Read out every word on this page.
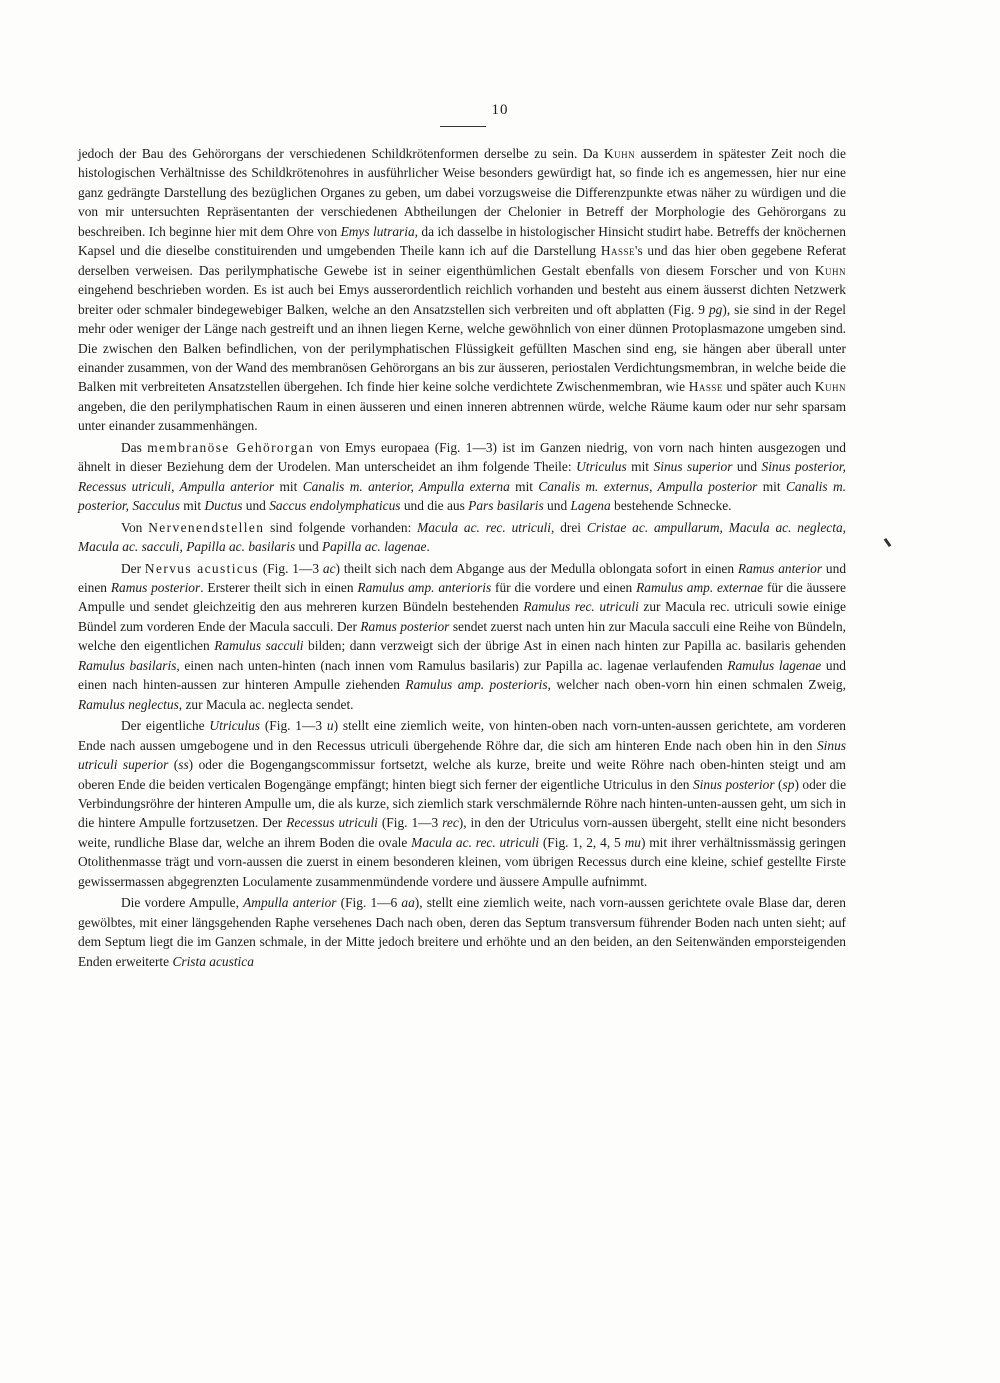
10

jedoch der Bau des Gehörorgans der verschiedenen Schildkrötenformen derselbe zu sein. Da Kuhn ausserdem in spätester Zeit noch die histologischen Verhältnisse des Schildkrötenohres in ausführlicher Weise besonders gewürdigt hat, so finde ich es angemessen, hier nur eine ganz gedrängte Darstellung des bezüglichen Organes zu geben, um dabei vorzugsweise die Differenzpunkte etwas näher zu würdigen und die von mir untersuchten Repräsentanten der verschiedenen Abtheilungen der Chelonier in Betreff der Morphologie des Gehörorgans zu beschreiben. Ich beginne hier mit dem Ohre von Emys lutraria, da ich dasselbe in histologischer Hinsicht studirt habe. Betreffs der knöchernen Kapsel und die dieselbe constituirenden und umgebenden Theile kann ich auf die Darstellung Hasse's und das hier oben gegebene Referat derselben verweisen. Das perilymphatische Gewebe ist in seiner eigenthümlichen Gestalt ebenfalls von diesem Forscher und von Kuhn eingehend beschrieben worden. Es ist auch bei Emys ausserordentlich reichlich vorhanden und besteht aus einem äusserst dichten Netzwerk breiter oder schmaler bindegewebiger Balken, welche an den Ansatzstellen sich verbreiten und oft abplatten (Fig. 9 pg), sie sind in der Regel mehr oder weniger der Länge nach gestreift und an ihnen liegen Kerne, welche gewöhnlich von einer dünnen Protoplasmazone umgeben sind. Die zwischen den Balken befindlichen, von der perilymphatischen Flüssigkeit gefüllten Maschen sind eng, sie hängen aber überall unter einander zusammen, von der Wand des membranösen Gehörorgans an bis zur äusseren, periostalen Verdichtungsmembran, in welche beide die Balken mit verbreiteten Ansatzstellen übergehen. Ich finde hier keine solche verdichtete Zwischenmembran, wie Hasse und später auch Kuhn angeben, die den perilymphatischen Raum in einen äusseren und einen inneren abtrennen würde, welche Räume kaum oder nur sehr sparsam unter einander zusammenhängen.

Das membranöse Gehörorgan von Emys europaea (Fig. 1—3) ist im Ganzen niedrig, von vorn nach hinten ausgezogen und ähnelt in dieser Beziehung dem der Urodelen. Man unterscheidet an ihm folgende Theile: Utriculus mit Sinus superior und Sinus posterior, Recessus utriculi, Ampulla anterior mit Canalis m. anterior, Ampulla externa mit Canalis m. externus, Ampulla posterior mit Canalis m. posterior, Sacculus mit Ductus und Saccus endolymphaticus und die aus Pars basilaris und Lagena bestehende Schnecke.

Von Nervenendstellen sind folgende vorhanden: Macula ac. rec. utriculi, drei Cristae ac. ampullarum, Macula ac. neglecta, Macula ac. sacculi, Papilla ac. basilaris und Papilla ac. lagenae.

Der Nervus acusticus (Fig. 1—3 ac) theilt sich nach dem Abgange aus der Medulla oblongata sofort in einen Ramus anterior und einen Ramus posterior. Ersterer theilt sich in einen Ramulus amp. anterioris für die vordere und einen Ramulus amp. externae für die äussere Ampulle und sendet gleichzeitig den aus mehreren kurzen Bündeln bestehenden Ramulus rec. utriculi zur Macula rec. utriculi sowie einige Bündel zum vorderen Ende der Macula sacculi. Der Ramus posterior sendet zuerst nach unten hin zur Macula sacculi eine Reihe von Bündeln, welche den eigentlichen Ramulus sacculi bilden; dann verzweigt sich der übrige Ast in einen nach hinten zur Papilla ac. basilaris gehenden Ramulus basilaris, einen nach unten-hinten (nach innen vom Ramulus basilaris) zur Papilla ac. lagenae verlaufenden Ramulus lagenae und einen nach hinten-aussen zur hinteren Ampulle ziehenden Ramulus amp. posterioris, welcher nach oben-vorn hin einen schmalen Zweig, Ramulus neglectus, zur Macula ac. neglecta sendet.

Der eigentliche Utriculus (Fig. 1—3 u) stellt eine ziemlich weite, von hinten-oben nach vorn-unten-aussen gerichtete, am vorderen Ende nach aussen umgebogene und in den Recessus utriculi übergehende Röhre dar, die sich am hinteren Ende nach oben hin in den Sinus utriculi superior (ss) oder die Bogengangscommissur fortsetzt, welche als kurze, breite und weite Röhre nach oben-hinten steigt und am oberen Ende die beiden verticalen Bogengänge empfängt; hinten biegt sich ferner der eigentliche Utriculus in den Sinus posterior (sp) oder die Verbindungsröhre der hinteren Ampulle um, die als kurze, sich ziemlich stark verschmälernde Röhre nach hinten-unten-aussen geht, um sich in die hintere Ampulle fortzusetzen. Der Recessus utriculi (Fig. 1—3 rec), in den der Utriculus vorn-aussen übergeht, stellt eine nicht besonders weite, rundliche Blase dar, welche an ihrem Boden die ovale Macula ac. rec. utriculi (Fig. 1, 2, 4, 5 mu) mit ihrer verhältnissmässig geringen Otolithenmasse trägt und vorn-aussen die zuerst in einem besonderen kleinen, vom übrigen Recessus durch eine kleine, schief gestellte Firste gewissermassen abgegrenzten Loculamente zusammenmündende vordere und äussere Ampulle aufnimmt.

Die vordere Ampulle, Ampulla anterior (Fig. 1—6 aa), stellt eine ziemlich weite, nach vorn-aussen gerichtete ovale Blase dar, deren gewölbtes, mit einer längsgehenden Raphe versehenes Dach nach oben, deren das Septum transversum führender Boden nach unten sieht; auf dem Septum liegt die im Ganzen schmale, in der Mitte jedoch breitere und erhöhte und an den beiden, an den Seitenwänden emporsteigenden Enden erweiterte Crista acustica
